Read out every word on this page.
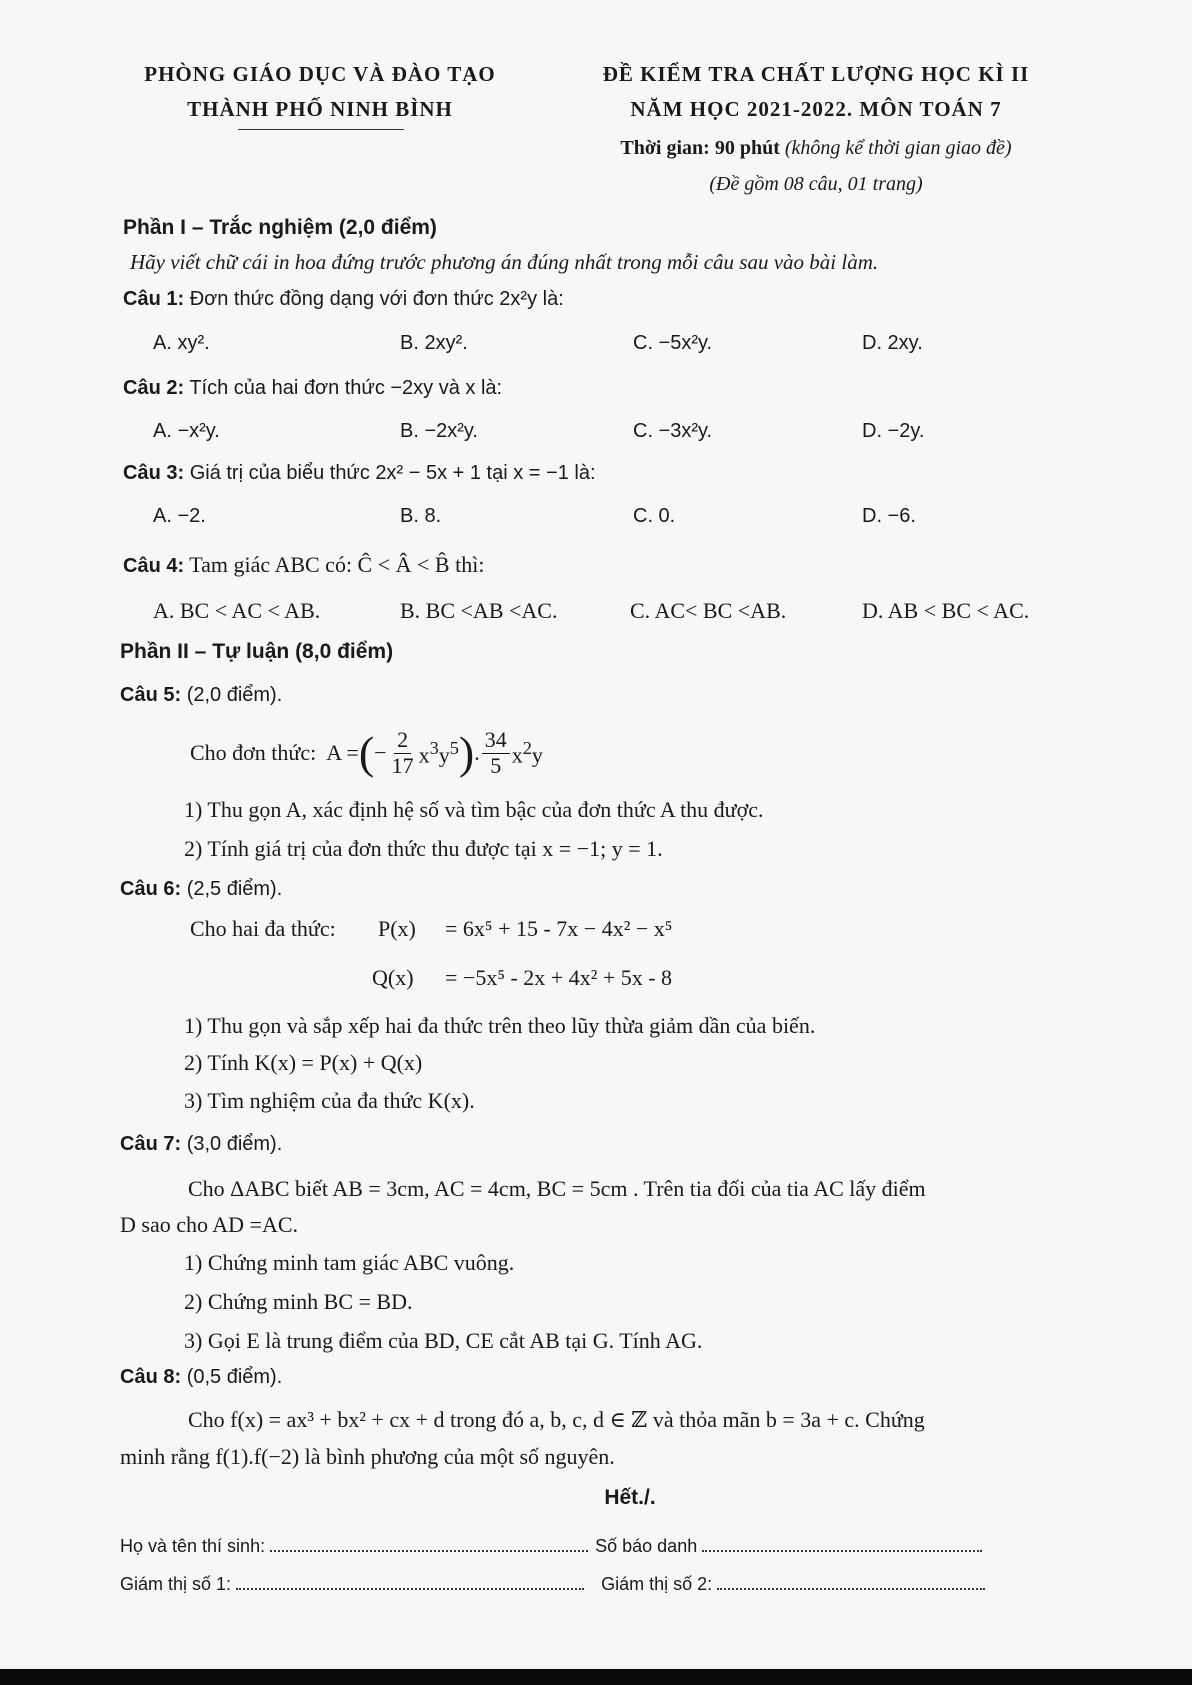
PHÒNG GIÁO DỤC VÀ ĐÀO TẠO
THÀNH PHỐ NINH BÌNH
ĐỀ KIỂM TRA CHẤT LƯỢNG HỌC KÌ II
NĂM HỌC 2021-2022. MÔN TOÁN 7
Thời gian: 90 phút (không kể thời gian giao đề)
(Đề gồm 08 câu, 01 trang)
Phần I – Trắc nghiệm (2,0 điểm)
Hãy viết chữ cái in hoa đứng trước phương án đúng nhất trong mỗi câu sau vào bài làm.
Câu 1: Đơn thức đồng dạng với đơn thức 2x²y là:
A. xy².	B. 2xy².	C. −5x²y.	D. 2xy.
Câu 2: Tích của hai đơn thức −2xy và x là:
A. −x²y.	B. −2x²y.	C. −3x²y.	D. −2y.
Câu 3: Giá trị của biểu thức 2x² − 5x + 1 tại x = −1 là:
A. −2.	B. 8.	C. 0.	D. −6.
Câu 4: Tam giác ABC có: Ĉ < Â < B̂ thì:
A. BC < AC < AB.	B. BC <AB <AC.	C. AC< BC <AB.	D. AB < BC < AC.
Phần II – Tự luận (8,0 điểm)
Câu 5: (2,0 điểm).
Cho đơn thức: A = ( − $\frac{2}{17} x^3y^5$ ) . $\frac{34}{5} x^2y$
1) Thu gọn A, xác định hệ số và tìm bậc của đơn thức A thu được.
2) Tính giá trị của đơn thức thu được tại x = −1; y = 1.
Câu 6: (2,5 điểm).
Cho hai đa thức: P(x) = 6x⁵ + 15 - 7x − 4x² − x⁵
Q(x) = −5x⁵ - 2x + 4x² + 5x - 8
1) Thu gọn và sắp xếp hai đa thức trên theo lũy thừa giảm dần của biến.
2) Tính K(x) = P(x) + Q(x)
3) Tìm nghiệm của đa thức K(x).
Câu 7: (3,0 điểm).
Cho ΔABC biết AB = 3cm, AC = 4cm, BC = 5cm . Trên tia đối của tia AC lấy điểm
D sao cho AD =AC.
1) Chứng minh tam giác ABC vuông.
2) Chứng minh BC = BD.
3) Gọi E là trung điểm của BD, CE cắt AB tại G. Tính AG.
Câu 8: (0,5 điểm).
Cho f(x) = ax³ + bx² + cx + d trong đó a, b, c, d ∈ ℤ và thỏa mãn b = 3a + c. Chứng
minh rằng f(1).f(−2) là bình phương của một số nguyên.
Hết./.
Họ và tên thí sinh:	Số báo danh
Giám thị số 1:	Giám thị số 2:
